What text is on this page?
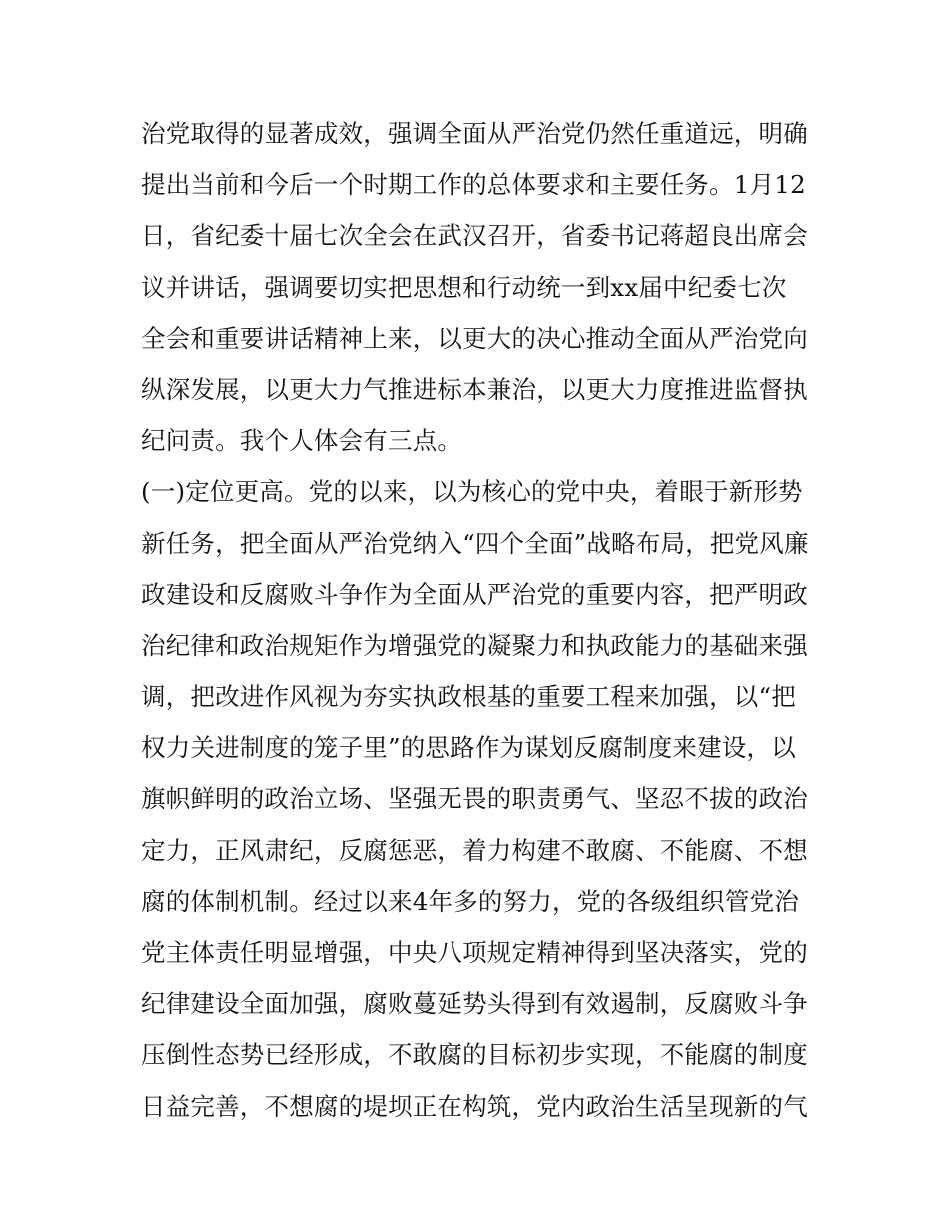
治党取得的显著成效，强调全面从严治党仍然任重道远，明确
提出当前和今后一个时期工作的总体要求和主要任务。1月12
日，省纪委十届七次全会在武汉召开，省委书记蒋超良出席会
议并讲话，强调要切实把思想和行动统一到xx届中纪委七次
全会和重要讲话精神上来，以更大的决心推动全面从严治党向
纵深发展，以更大力气推进标本兼治，以更大力度推进监督执
纪问责。我个人体会有三点。
(一)定位更高。党的以来，以为核心的党中央，着眼于新形势
新任务，把全面从严治党纳入“四个全面”战略布局，把党风廉
政建设和反腐败斗争作为全面从严治党的重要内容，把严明政
治纪律和政治规矩作为增强党的凝聚力和执政能力的基础来强
调，把改进作风视为夯实执政根基的重要工程来加强，以“把
权力关进制度的笼子里”的思路作为谋划反腐制度来建设，以
旗帜鲜明的政治立场、坚强无畏的职责勇气、坚忍不拔的政治
定力，正风肃纪，反腐惩恶，着力构建不敢腐、不能腐、不想
腐的体制机制。经过以来4年多的努力，党的各级组织管党治
党主体责任明显增强，中央八项规定精神得到坚决落实，党的
纪律建设全面加强，腐败蔓延势头得到有效遏制，反腐败斗争
压倒性态势已经形成，不敢腐的目标初步实现，不能腐的制度
日益完善，不想腐的堤坝正在构筑，党内政治生活呈现新的气
